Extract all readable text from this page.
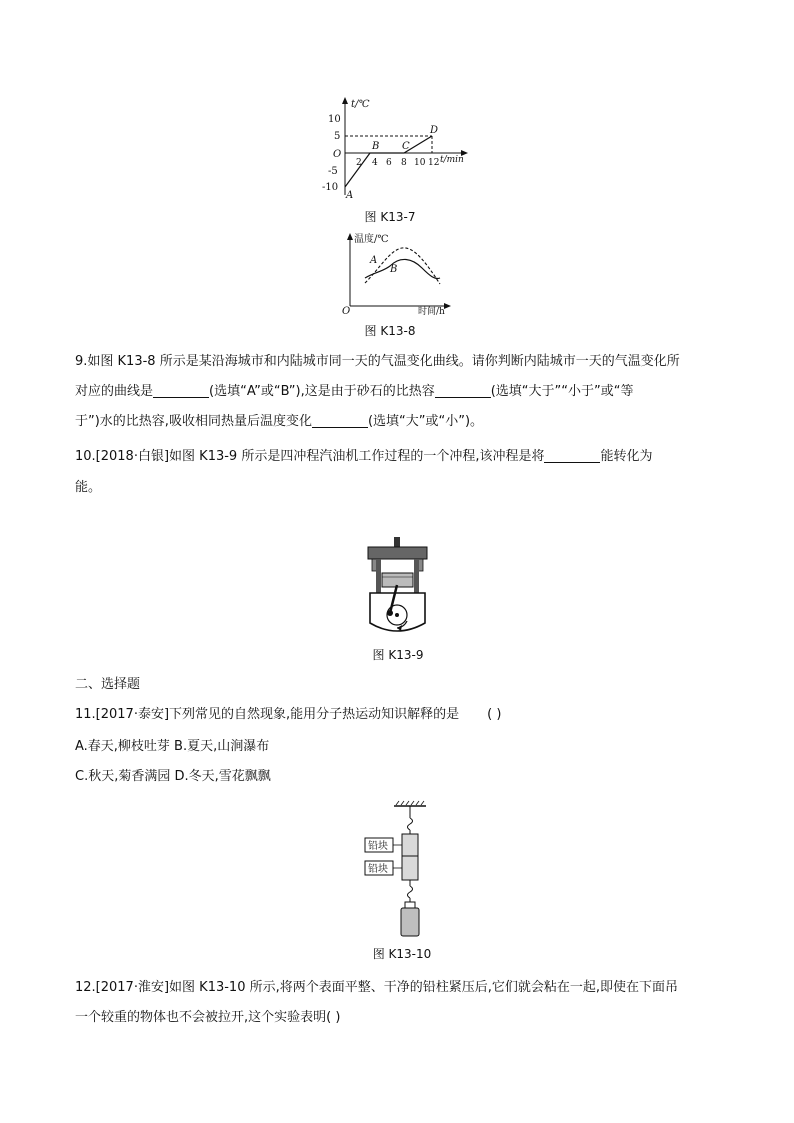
t/℃
t/min
10
5
O
-5
-10
2 4 6 8 10 12
A
B C
D
图 K13-7
温度/℃
时间/h
O
A
B
图 K13-8
9.如图 K13-8 所示是某沿海城市和内陆城市同一天的气温变化曲线。请你判断内陆城市一天的气温变化所
对应的曲线是	(选填“A”或“B”),这是由于砂石的比热容	(选填“大于”“小于”或“等
于”)水的比热容,吸收相同热量后温度变化	(选填“大”或“小”)。
10.[2018·白银]如图 K13-9 所示是四冲程汽油机工作过程的一个冲程,该冲程是将	能转化为
能。
图 K13-9
二、选择题
11.[2017·泰安]下列常见的自然现象,能用分子热运动知识解释的是 ( )
A.春天,柳枝吐芽 B.夏天,山涧瀑布
C.秋天,菊香满园 D.冬天,雪花飘飘
铅块
铅块
图 K13-10
12.[2017·淮安]如图 K13-10 所示,将两个表面平整、干净的铅柱紧压后,它们就会粘在一起,即使在下面吊
一个较重的物体也不会被拉开,这个实验表明( )
